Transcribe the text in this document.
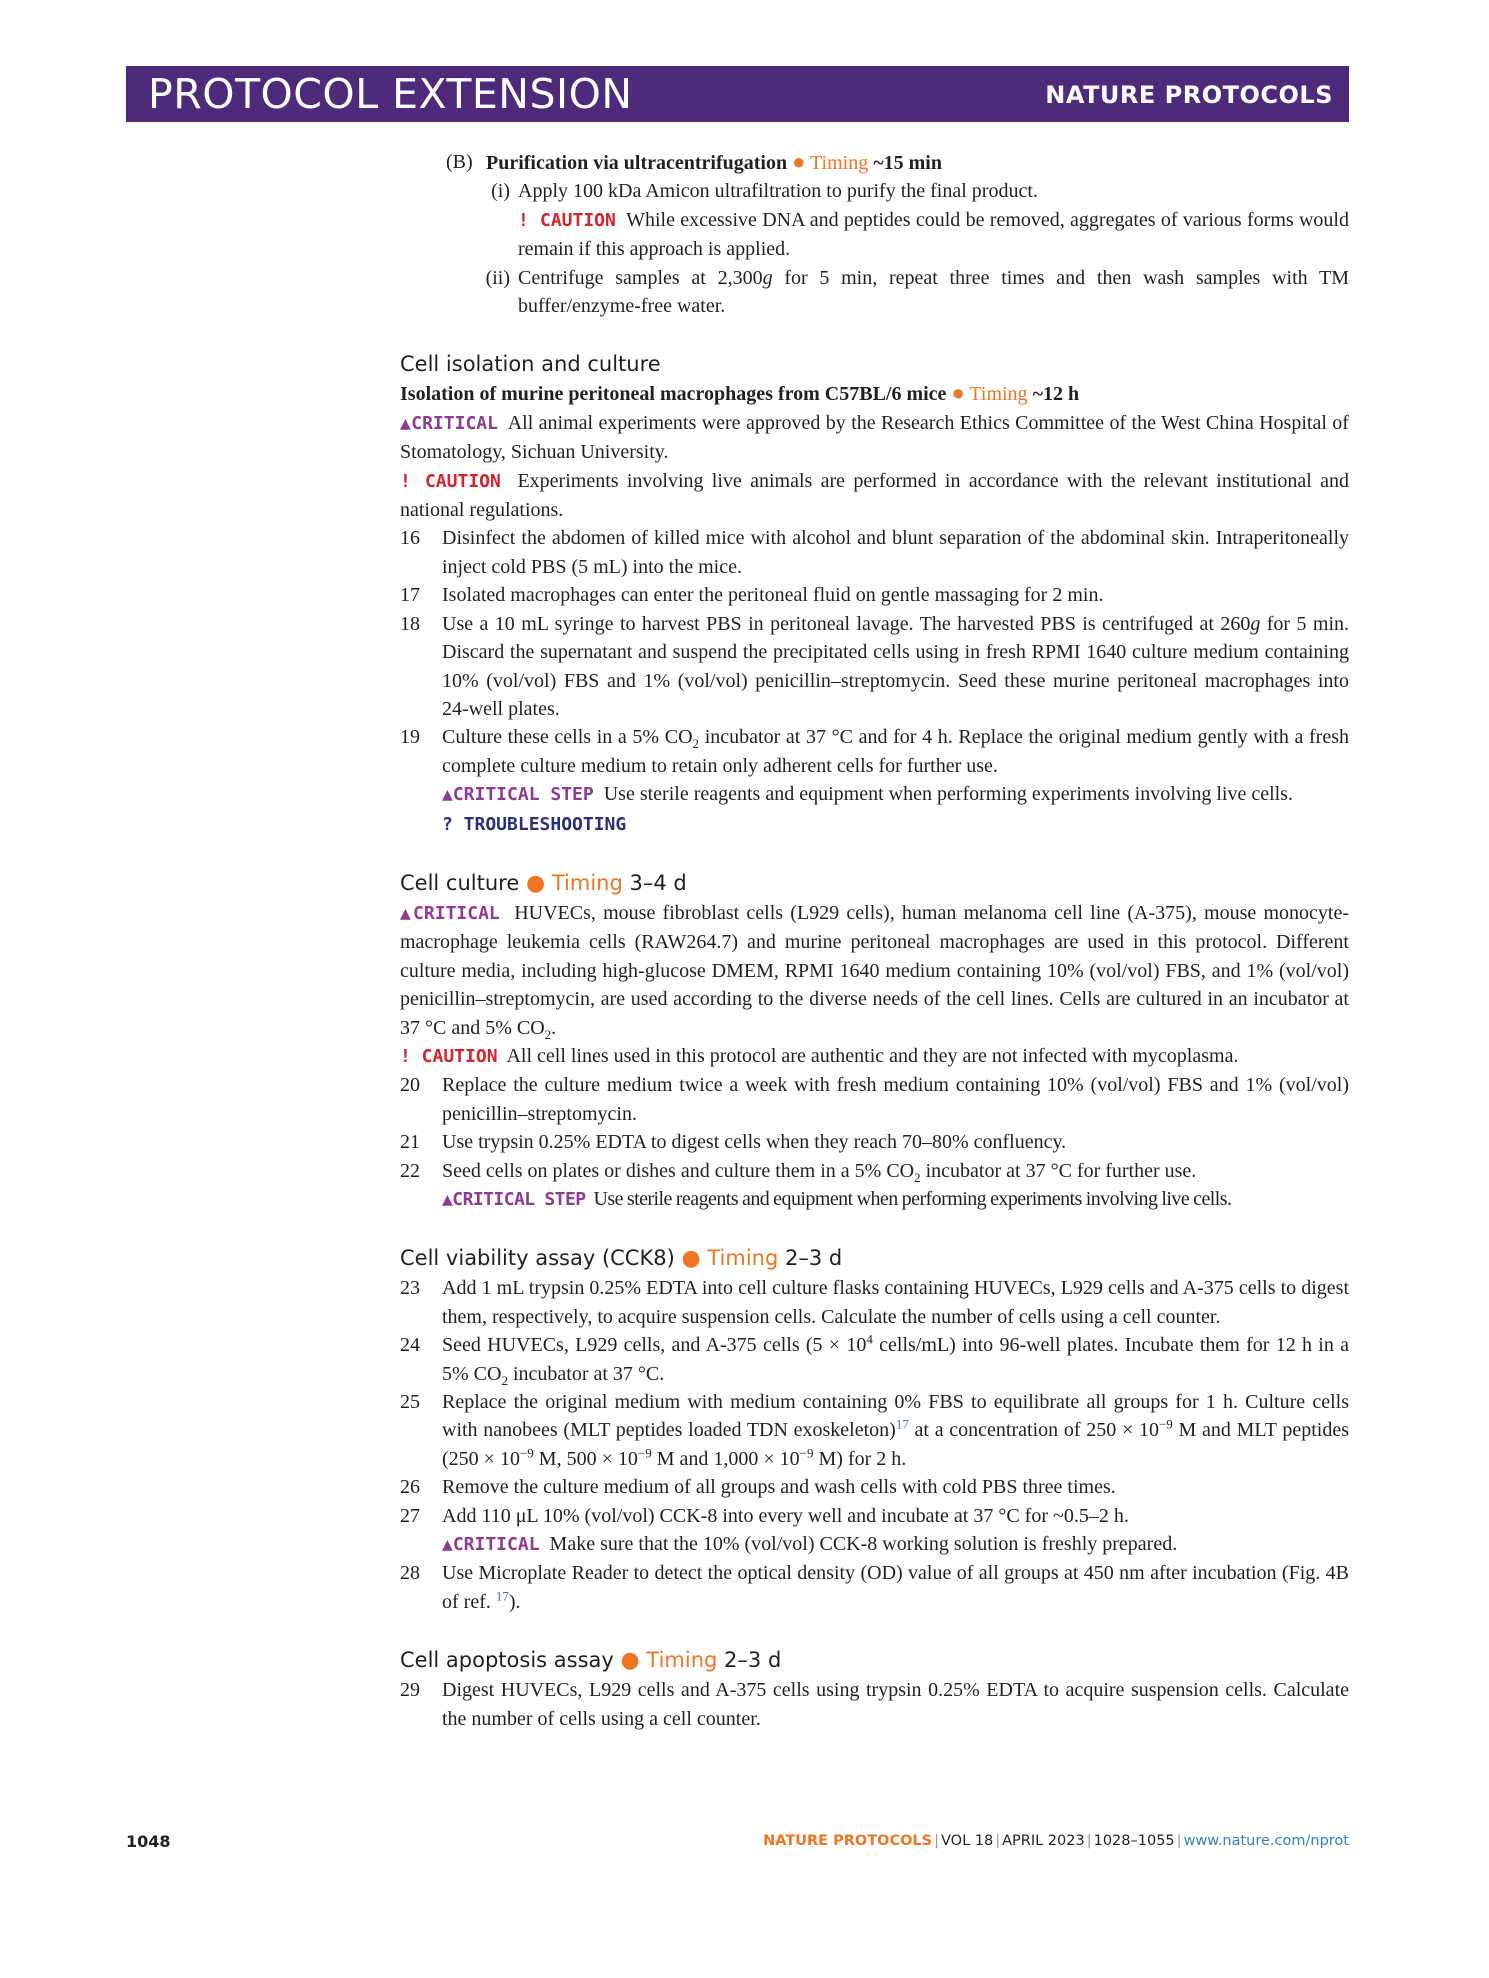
PROTOCOL EXTENSION	NATURE PROTOCOLS

(B) Purification via ultracentrifugation ● Timing ~15 min

(i) Apply 100 kDa Amicon ultrafiltration to purify the final product.

! CAUTION While excessive DNA and peptides could be removed, aggregates of various forms would remain if this approach is applied.

(ii) Centrifuge samples at 2,300g for 5 min, repeat three times and then wash samples with TM buffer/enzyme-free water.

Cell isolation and culture

Isolation of murine peritoneal macrophages from C57BL/6 mice ● Timing ~12 h

▲CRITICAL All animal experiments were approved by the Research Ethics Committee of the West China Hospital of Stomatology, Sichuan University.

! CAUTION Experiments involving live animals are performed in accordance with the relevant institutional and national regulations.

16 Disinfect the abdomen of killed mice with alcohol and blunt separation of the abdominal skin. Intraperitoneally inject cold PBS (5 mL) into the mice.

17 Isolated macrophages can enter the peritoneal fluid on gentle massaging for 2 min.

18 Use a 10 mL syringe to harvest PBS in peritoneal lavage. The harvested PBS is centrifuged at 260g for 5 min. Discard the supernatant and suspend the precipitated cells using in fresh RPMI 1640 culture medium containing 10% (vol/vol) FBS and 1% (vol/vol) penicillin–streptomycin. Seed these murine peritoneal macrophages into 24-well plates.

19 Culture these cells in a 5% $CO_2$ incubator at 37 °C and for 4 h. Replace the original medium gently with a fresh complete culture medium to retain only adherent cells for further use.

▲CRITICAL STEP Use sterile reagents and equipment when performing experiments involving live cells.

? TROUBLESHOOTING

Cell culture ● Timing 3–4 d

▲CRITICAL HUVECs, mouse fibroblast cells (L929 cells), human melanoma cell line (A-375), mouse monocyte-macrophage leukemia cells (RAW264.7) and murine peritoneal macrophages are used in this protocol. Different culture media, including high-glucose DMEM, RPMI 1640 medium containing 10% (vol/vol) FBS, and 1% (vol/vol) penicillin–streptomycin, are used according to the diverse needs of the cell lines. Cells are cultured in an incubator at 37 °C and 5% $CO_2$.

! CAUTION All cell lines used in this protocol are authentic and they are not infected with mycoplasma.

20 Replace the culture medium twice a week with fresh medium containing 10% (vol/vol) FBS and 1% (vol/vol) penicillin–streptomycin.

21 Use trypsin 0.25% EDTA to digest cells when they reach 70–80% confluency.

22 Seed cells on plates or dishes and culture them in a 5% $CO_2$ incubator at 37 °C for further use.

▲CRITICAL STEP Use sterile reagents and equipment when performing experiments involving live cells.

Cell viability assay (CCK8) ● Timing 2–3 d

23 Add 1 mL trypsin 0.25% EDTA into cell culture flasks containing HUVECs, L929 cells and A-375 cells to digest them, respectively, to acquire suspension cells. Calculate the number of cells using a cell counter.

24 Seed HUVECs, L929 cells, and A-375 cells ($5 \times 10^4$ cells/mL) into 96-well plates. Incubate them for 12 h in a 5% $CO_2$ incubator at 37 °C.

25 Replace the original medium with medium containing 0% FBS to equilibrate all groups for 1 h. Culture cells with nanobees (MLT peptides loaded TDN exoskeleton)$^{17}$ at a concentration of $250 \times 10^{-9}$ M and MLT peptides ($250 \times 10^{-9}$ M, $500 \times 10^{-9}$ M and $1,000 \times 10^{-9}$ M) for 2 h.

26 Remove the culture medium of all groups and wash cells with cold PBS three times.

27 Add 110 μL 10% (vol/vol) CCK-8 into every well and incubate at 37 °C for ~0.5–2 h.

▲CRITICAL Make sure that the 10% (vol/vol) CCK-8 working solution is freshly prepared.

28 Use Microplate Reader to detect the optical density (OD) value of all groups at 450 nm after incubation (Fig. 4B of ref. $^{17}$).

Cell apoptosis assay ● Timing 2–3 d

29 Digest HUVECs, L929 cells and A-375 cells using trypsin 0.25% EDTA to acquire suspension cells. Calculate the number of cells using a cell counter.

1048	NATURE PROTOCOLS | VOL 18 | APRIL 2023 | 1028–1055 | www.nature.com/nprot
